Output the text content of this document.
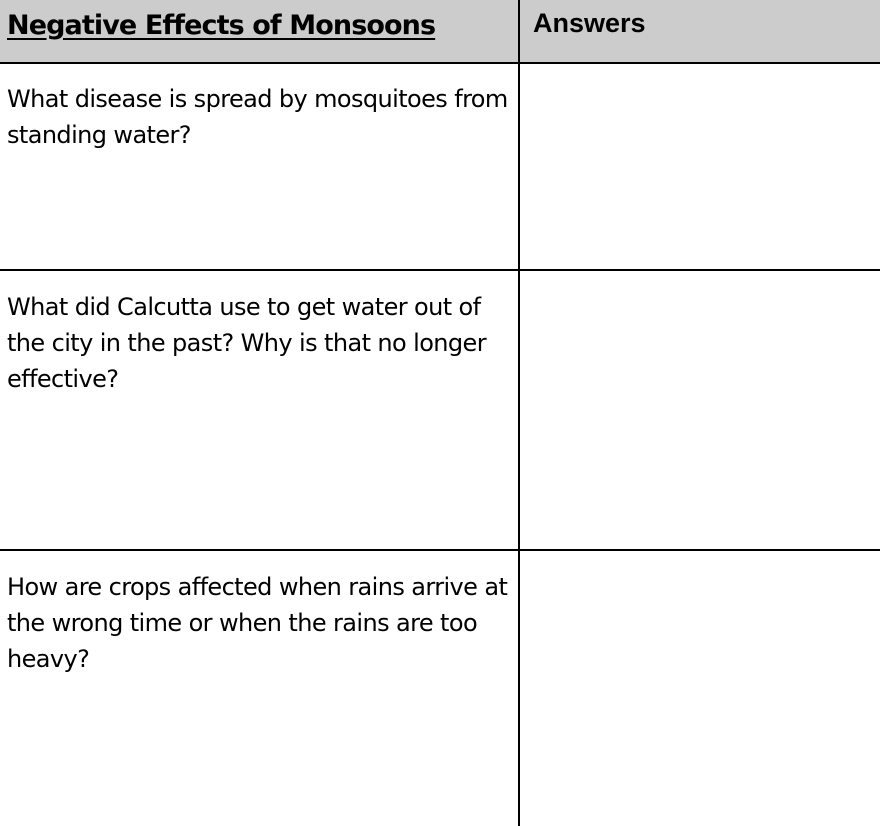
Negative Effects of Monsoons	Answers
What disease is spread by mosquitoes from standing water?
What did Calcutta use to get water out of the city in the past? Why is that no longer effective?
How are crops affected when rains arrive at the wrong time or when the rains are too heavy?
